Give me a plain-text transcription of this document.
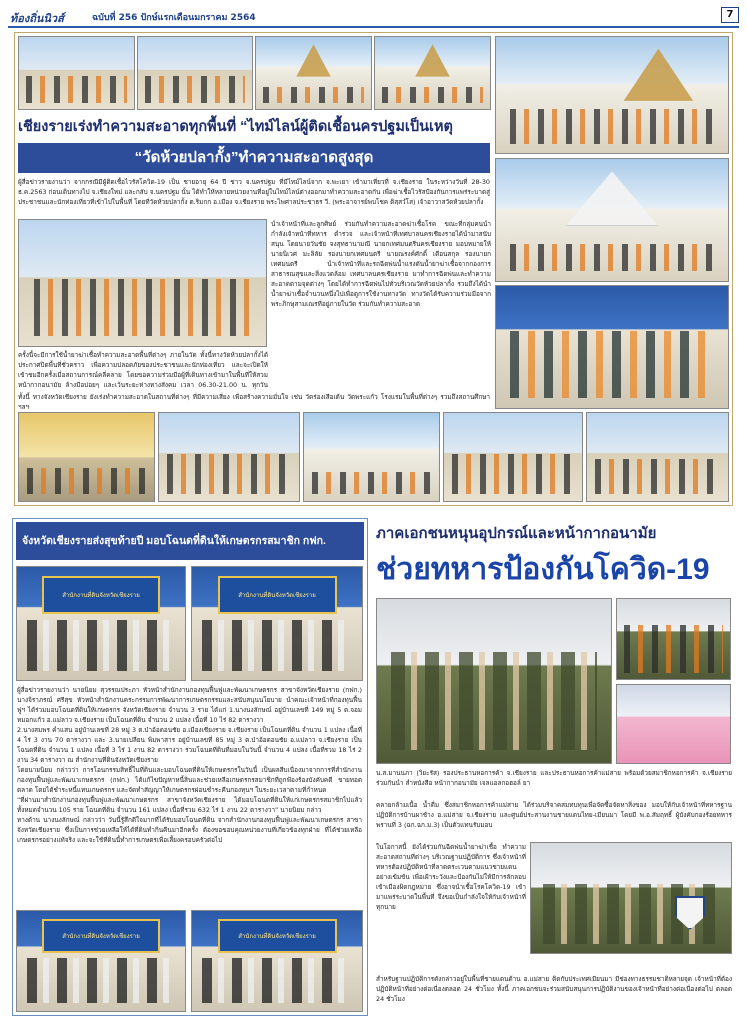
ท้องถิ่นนิวส์	ฉบับที่ 256 ปักษ์แรกเดือนมกราคม 2564	7
เชียงรายเร่งทำความสะอาดทุกพื้นที่ “ไทม์ไลน์ผู้ติดเชื้อนครปฐมเป็นเหตุ
“วัดห้วยปลากั้ง”ทำความสะอาดสูงสุด
ผู้สื่อข่าวรายงานว่า จากกรณีมีผู้ติดเชื้อไวรัสโควิด-19 เป็น ชายอายุ 64 ปี ชาว จ.นครปฐม ที่มีไทม์ไลน์จาก จ.พะเยา เข้ามาเที่ยวที่ จ.เชียงราย ในระหว่างวันที่ 28-30 ธ.ค.2563 ก่อนเดินทางไป จ.เชียงใหม่ และกลับ จ.นครปฐม นั้น ได้ทำให้หลายหน่วยงานที่อยู่ในไทม์ไลน์ต่างออกมาทำความสะอาดกัน เพื่อฆ่าเชื้อไวรัสป้องกันการแพร่ระบาดสู่ประชาชนและนักท่องเที่ยวที่เข้าไปในพื้นที่ โดยที่วัดห้วยปลากั้ง ต.ริมกก อ.เมือง จ.เชียงราย พระไพศาลประชาธร วี. (พระอาจารย์พบโชค ติสฺสวํโส) เจ้าอาวาสวัดห้วยปลากั้ง
นำเจ้าหน้าที่และลูกศิษย์ ร่วมกันทำความสะอาดฆ่าเชื้อโรค ขณะที่กลุ่มคนนำกำลังเจ้าหน้าที่ทหาร ตำรวจ และเจ้าหน้าที่เทศบาลนครเชียงรายได้นำมาสนับสนุน โดยนายวันชัย จงสุทธานามณี นายกเทศมนตรีนครเชียงราย มอบหมายให้นายนิเวศ มะลิลัย รองนายกเทศมนตรี นายณรงค์ศักดิ์ เดือนสกุล รองนายกเทศมนตรี นำเจ้าหน้าที่และรถฉีดพ่นน้ำแรงดันน้ำยาฆ่าเชื้อจากกองการสาธารณสุขและสิ่งแวดล้อม เทศบาลนครเชียงราย มาทำการฉีดพ่นและทำความสะอาดตามจุดต่างๆ โดยได้ทำการฉีดพ่นไปทั่วบริเวณวัดห้วยปลากั้ง รวมถึงได้นำน้ำยาฆ่าเชื้อจำนวนหนึ่งไปเพื่อดูการใช้งานทางวัด ทางวัดได้รับความร่วมมือจากพระภิกษุสามเณรที่อยู่ภายในวัด ร่วมกันทำความสะอาด
ครั้งนี้จะมีการใช้น้ำยาฆ่าเชื้อทำความสะอาดพื้นที่ต่างๆ ภายในวัด ทั้งนี้ทางวัดห้วยปลากั้งได้ประกาศปิดพื้นที่ชั่วคราว เพื่อความปลอดภัยของประชาชนและนักท่องเที่ยว และจะเปิดให้เข้าชมอีกครั้งเมื่อสถานการณ์คลี่คลาย โดยขอความร่วมมือผู้ที่เดินทางเข้ามาในพื้นที่ให้สวมหน้ากากอนามัย ล้างมือบ่อยๆ และเว้นระยะห่างทางสังคม เวลา 06.30-21.00 น. ทุกวัน
ทั้งนี้ ทางจังหวัดเชียงราย ยังเร่งทำความสะอาดในสถานที่ต่างๆ ที่มีความเสี่ยง เพื่อสร้างความมั่นใจ เช่น วัดร่องเสือเต้น วัดพระแก้ว โรงแรมในพื้นที่ต่างๆ รวมถึงสถานศึกษา ฯลฯ
จังหวัดเชียงรายส่งสุขท้ายปี มอบโฉนดที่ดินให้เกษตรกรสมาชิก กฟก.
สำนักงานที่ดินจังหวัดเชียงราย	สำนักงานที่ดินจังหวัดเชียงราย

ผู้สื่อข่าวรายงานว่า นายนิยม สุวรรณประภา หัวหน้าสำนักงานกองทุนฟื้นฟูและพัฒนาเกษตรกร สาขาจังหวัดเชียงราย (กฟก.) นางจิราภรณ์ ศรีสุข หัวหน้าสำนักงานคระกรรมการพัฒนาการเกษตรกรรมและสนับสนุนนโยบาย นำคณะเจ้าหน้าที่กองทุนฟื้นฟูฯ ได้ร่วมมอบโฉนดที่ดินให้เกษตรกร จังหวัดเชียงราย จำนวน 3 ราย ได้แก่ 1.นางนงลักษณ์ อยู่บ้านเลขที่ 149 หมู่ 5 ต.จอมหมอกแก้ว อ.แม่ลาว จ.เชียงราย เป็นโฉนดที่ดิน จำนวน 2 แปลง เนื้อที่ 10 ไร่ 82 ตารางวา

2.นางสมพร คำแสน อยู่บ้านเลขที่ 28 หมู่ 3 ต.ป่าอ้อดอนชัย อ.เมืองเชียงราย จ.เชียงราย เป็นโฉนดที่ดิน จำนวน 1 แปลง เนื้อที่ 4 ไร่ 3 งาน 70 ตารางวา และ 3.นายเปลี่ยน พิมพาสาร อยู่บ้านเลขที่ 85 หมู่ 3 ต.ป่าอ้อดอนชัย อ.แม่ลาว จ.เชียงราย เป็นโฉนดที่ดิน จำนวน 1 แปลง เนื้อที่ 3 ไร่ 1 งาน 82 ตารางวา รวมโฉนดที่ดินที่มอบในวันนี้ จำนวน 4 แปลง เนื้อที่รวม 18 ไร่ 2 งาน 34 ตารางวา ณ สำนักงานที่ดินจังหวัดเชียงราย

โดยนายนิยม กล่าวว่า การโอนกรรมสิทธิ์ในที่ดินและมอบโฉนดที่ดินให้เกษตรกรในวันนี้ เป็นผลสืบเนื่องมาจากการที่สำนักงานกองทุนฟื้นฟูและพัฒนาเกษตรกร (กฟก.) ได้แก้ไขปัญหาหนี้สินและช่วยเหลือเกษตรกรสมาชิกที่ถูกฟ้องร้องบังคับคดี ขายทอดตลาด โดยได้ชำระหนี้แทนเกษตรกร และจัดทำสัญญาให้เกษตรกรผ่อนชำระคืนกองทุนฯ ในระยะเวลาตามที่กำหนด

“ที่ผ่านมาสำนักงานกองทุนฟื้นฟูและพัฒนาเกษตรกร สาขาจังหวัดเชียงราย ได้มอบโฉนดที่ดินให้แก่เกษตรกรสมาชิกไปแล้ว ทั้งหมดจำนวน 105 ราย โฉนดที่ดิน จำนวน 161 แปลง เนื้อที่รวม 632 ไร่ 1 งาน 22 ตารางวา” นายนิยม กล่าว

ทางด้าน นางนงลักษณ์ กล่าวว่า วันนี้รู้สึกดีใจมากที่ได้รับมอบโฉนดที่ดิน จากสำนักงานกองทุนฟื้นฟูและพัฒนาเกษตรกร สาขาจังหวัดเชียงราย ซึ่งเป็นการช่วยเหลือให้ได้ที่ดินทำกินคืนมาอีกครั้ง ต้องขอขอบคุณหน่วยงานที่เกี่ยวข้องทุกฝ่าย ที่ได้ช่วยเหลือเกษตรกรอย่างแท้จริง และจะใช้ที่ดินนี้ทำการเกษตรเพื่อเลี้ยงครอบครัวต่อไป

สำนักงานที่ดินจังหวัดเชียงราย	สำนักงานที่ดินจังหวัดเชียงราย
ภาคเอกชนหนุนอุปกรณ์และหน้ากากอนามัย
ช่วยทหารป้องกันโควิด-19
น.ส.มานนภา (วิยะรัส) รองประธานหอการค้า จ.เชียงราย และประธานหอการค้าแม่สาย พร้อมด้วยสมาชิกหอการค้า จ.เชียงราย ร่วมกันนำ สำหนังสือ หน้ากากอนามัย เจลแอลกอฮอล์ ยา
คลายกล้ามเนื้อ น้ำดื่ม ซึ่งสมาชิกหอการค้าแม่สาย ได้ร่วมบริจาคสมทบทุนเพื่อจัดซื้อจัดหาสิ่งของ มอบให้กับเจ้าหน้าที่ทหารฐานปฏิบัติการบ้านผาช้าง อ.แม่สาย จ.เชียงราย และศูนย์ประสานงานชายแดนไทย-เมียนมา โดยมี พ.อ.สัมฤทธิ์ ผู้บังคับกองร้อยทหารพรานที่ 3 (ฉก.ฉก.ม.3) เป็นตัวแทนรับมอบ
ในโอกาสนี้ ยังได้ร่วมกันฉีดพ่นน้ำยาฆ่าเชื้อ ทำความสะอาดสถานที่ต่างๆ บริเวณฐานปฏิบัติการ ซึ่งเจ้าหน้าที่ทหารต้องปฏิบัติหน้าที่ลาดตระเวนตามแนวชายแดนอย่างเข้มข้น เพื่อเฝ้าระวังและป้องกันไม่ให้มีการลักลอบเข้าเมืองผิดกฎหมาย ซึ่งอาจนำเชื้อโรคโควิด-19 เข้ามาแพร่ระบาดในพื้นที่ จึงขอเป็นกำลังใจให้กับเจ้าหน้าที่ทุกนาย
สำหรับฐานปฏิบัติการดังกล่าวอยู่ในพื้นที่ชายแดนด้าน อ.แม่สาย ติดกับประเทศเมียนมา มีช่องทางธรรมชาติหลายจุด เจ้าหน้าที่ต้องปฏิบัติหน้าที่อย่างต่อเนื่องตลอด 24 ชั่วโมง ทั้งนี้ ภาคเอกชนจะร่วมสนับสนุนการปฏิบัติงานของเจ้าหน้าที่อย่างต่อเนื่องต่อไป ตลอด 24 ชั่วโมง
